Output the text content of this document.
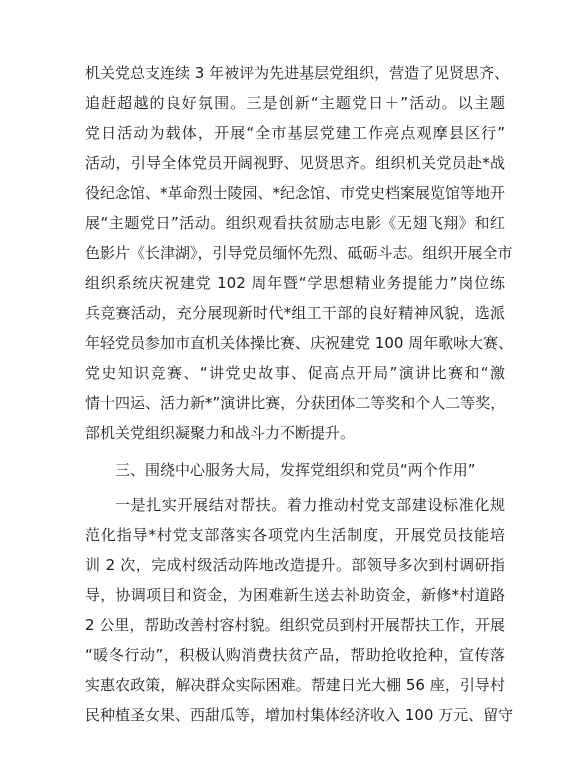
机关党总支连续 3 年被评为先进基层党组织，营造了见贤思齐、
追赶超越的良好氛围。三是创新“主题党日＋”活动。以主题
党日活动为载体，开展“全市基层党建工作亮点观摩县区行”
活动，引导全体党员开阔视野、见贤思齐。组织机关党员赴*战
役纪念馆、*革命烈士陵园、*纪念馆、市党史档案展览馆等地开
展“主题党日”活动。组织观看扶贫励志电影《无翅飞翔》和红
色影片《长津湖》，引导党员缅怀先烈、砥砺斗志。组织开展全市
组织系统庆祝建党 102 周年暨“学思想精业务提能力”岗位练
兵竞赛活动，充分展现新时代*组工干部的良好精神风貌，选派
年轻党员参加市直机关体操比赛、庆祝建党 100 周年歌咏大赛、
党史知识竞赛、“讲党史故事、促高点开局”演讲比赛和“激
情十四运、活力新*”演讲比赛，分获团体二等奖和个人二等奖，
部机关党组织凝聚力和战斗力不断提升。
三、围绕中心服务大局，发挥党组织和党员“两个作用”
一是扎实开展结对帮扶。着力推动村党支部建设标准化规
范化指导*村党支部落实各项党内生活制度，开展党员技能培
训 2 次，完成村级活动阵地改造提升。部领导多次到村调研指
导，协调项目和资金，为困难新生送去补助资金，新修*村道路
2 公里，帮助改善村容村貌。组织党员到村开展帮扶工作，开展
“暖冬行动”，积极认购消费扶贫产品，帮助抢收抢种，宣传落
实惠农政策，解决群众实际困难。帮建日光大棚 56 座，引导村
民种植圣女果、西甜瓜等，增加村集体经济收入 100 万元、留守
